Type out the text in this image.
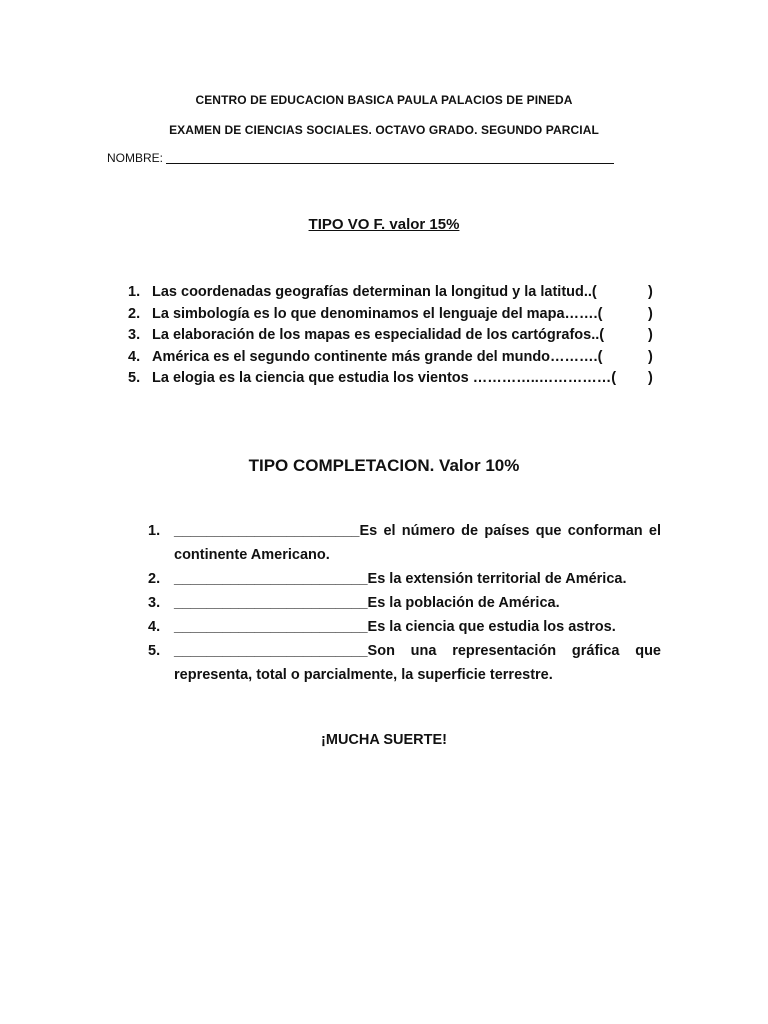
CENTRO DE EDUCACION BASICA PAULA PALACIOS DE PINEDA
EXAMEN DE CIENCIAS SOCIALES. OCTAVO GRADO. SEGUNDO PARCIAL
NOMBRE:
TIPO VO F. valor 15%
1. Las coordenadas geografías determinan la longitud y la latitud..(	)
2. La simbología es lo que denominamos el lenguaje del mapa…….(	)
3. La elaboración de los mapas es especialidad de los cartógrafos..(	)
4. América es el segundo continente más grande del mundo……….(	)
5. La elogia es la ciencia que estudia los vientos …………..……………( )
TIPO COMPLETACION. Valor 10%
1. _______________________Es el número de países que conforman el continente Americano.
2. ________________________Es la extensión territorial de América.
3. ________________________Es la población de América.
4. ________________________Es la ciencia que estudia los astros.
5. ________________________Son una representación gráfica que representa, total o parcialmente, la superficie terrestre.
¡MUCHA SUERTE!
